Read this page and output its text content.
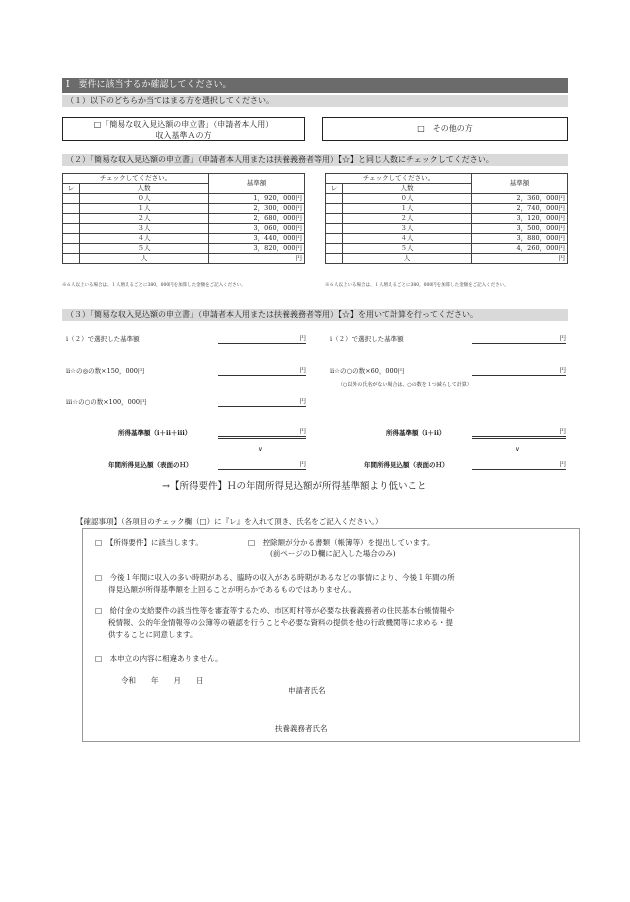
Ⅰ　要件に該当するか確認してください。
（１）以下のどちらか当てはまる方を選択してください。
□「簡易な収入見込額の申立書」（申請者本人用）
収入基準Ａの方
□　その他の方
（２）「簡易な収入見込額の申立書」（申請者本人用または扶養義務者等用）【☆】と同じ人数にチェックしてください。
チェックしてください。		基準額
レ	人数	
	０人	1，920，000円
	１人	2，300，000円
	２人	2，680，000円
	３人	3，060，000円
	４人	3，440，000円
	５人	3，820，000円
	人	円
※６人以上いる場合は、１人増えるごとに380，000円を加算した金額をご記入ください。
チェックしてください。		基準額
レ	人数	
	０人	2，360，000円
	１人	2，740，000円
	２人	3，120，000円
	３人	3，500，000円
	４人	3，880，000円
	５人	4，260，000円
	人	円
※６人以上いる場合は、１人増えるごとに380，000円を加算した金額をご記入ください。
（３）「簡易な収入見込額の申立書」（申請者本人用または扶養義務者等用）【☆】を用いて計算を行ってください。
ⅰ（２）で選択した基準額	円
ⅱ☆の◎の数×150，000円	円
ⅲ☆の○の数×100，000円	円
所得基準額（ⅰ＋ⅱ＋ⅲ）	円
∨
年間所得見込額（表面のＨ）	円
ⅰ（２）で選択した基準額	円
ⅱ☆の○の数×60，000円	円
（○以外の氏名がない場合は、○の数を１つ減らして計算）
所得基準額（ⅰ＋ⅱ）	円
∨
年間所得見込額（表面のＨ）	円
→【所得要件】Ｈの年間所得見込額が所得基準額より低いこと
【確認事項】（各項目のチェック欄（□）に『レ』を入れて頂き、氏名をご記入ください。）
□　【所得要件】に該当します。	□　控除額が分かる書類（帳簿等）を提出しています。
(前ページのＤ欄に記入した場合のみ)
□　今後１年間に収入の多い時期がある、臨時の収入がある時期があるなどの事情により、今後１年間の所
得見込額が所得基準額を上回ることが明らかであるものではありません。
□　給付金の支給要件の該当性等を審査等するため、市区町村等が必要な扶養義務者の住民基本台帳情報や
税情報、公的年金情報等の公簿等の確認を行うことや必要な資料の提供を他の行政機関等に求める・提
供することに同意します。
□　本申立の内容に相違ありません。
令和　　年　　月　　日
申請者氏名
扶養義務者氏名
